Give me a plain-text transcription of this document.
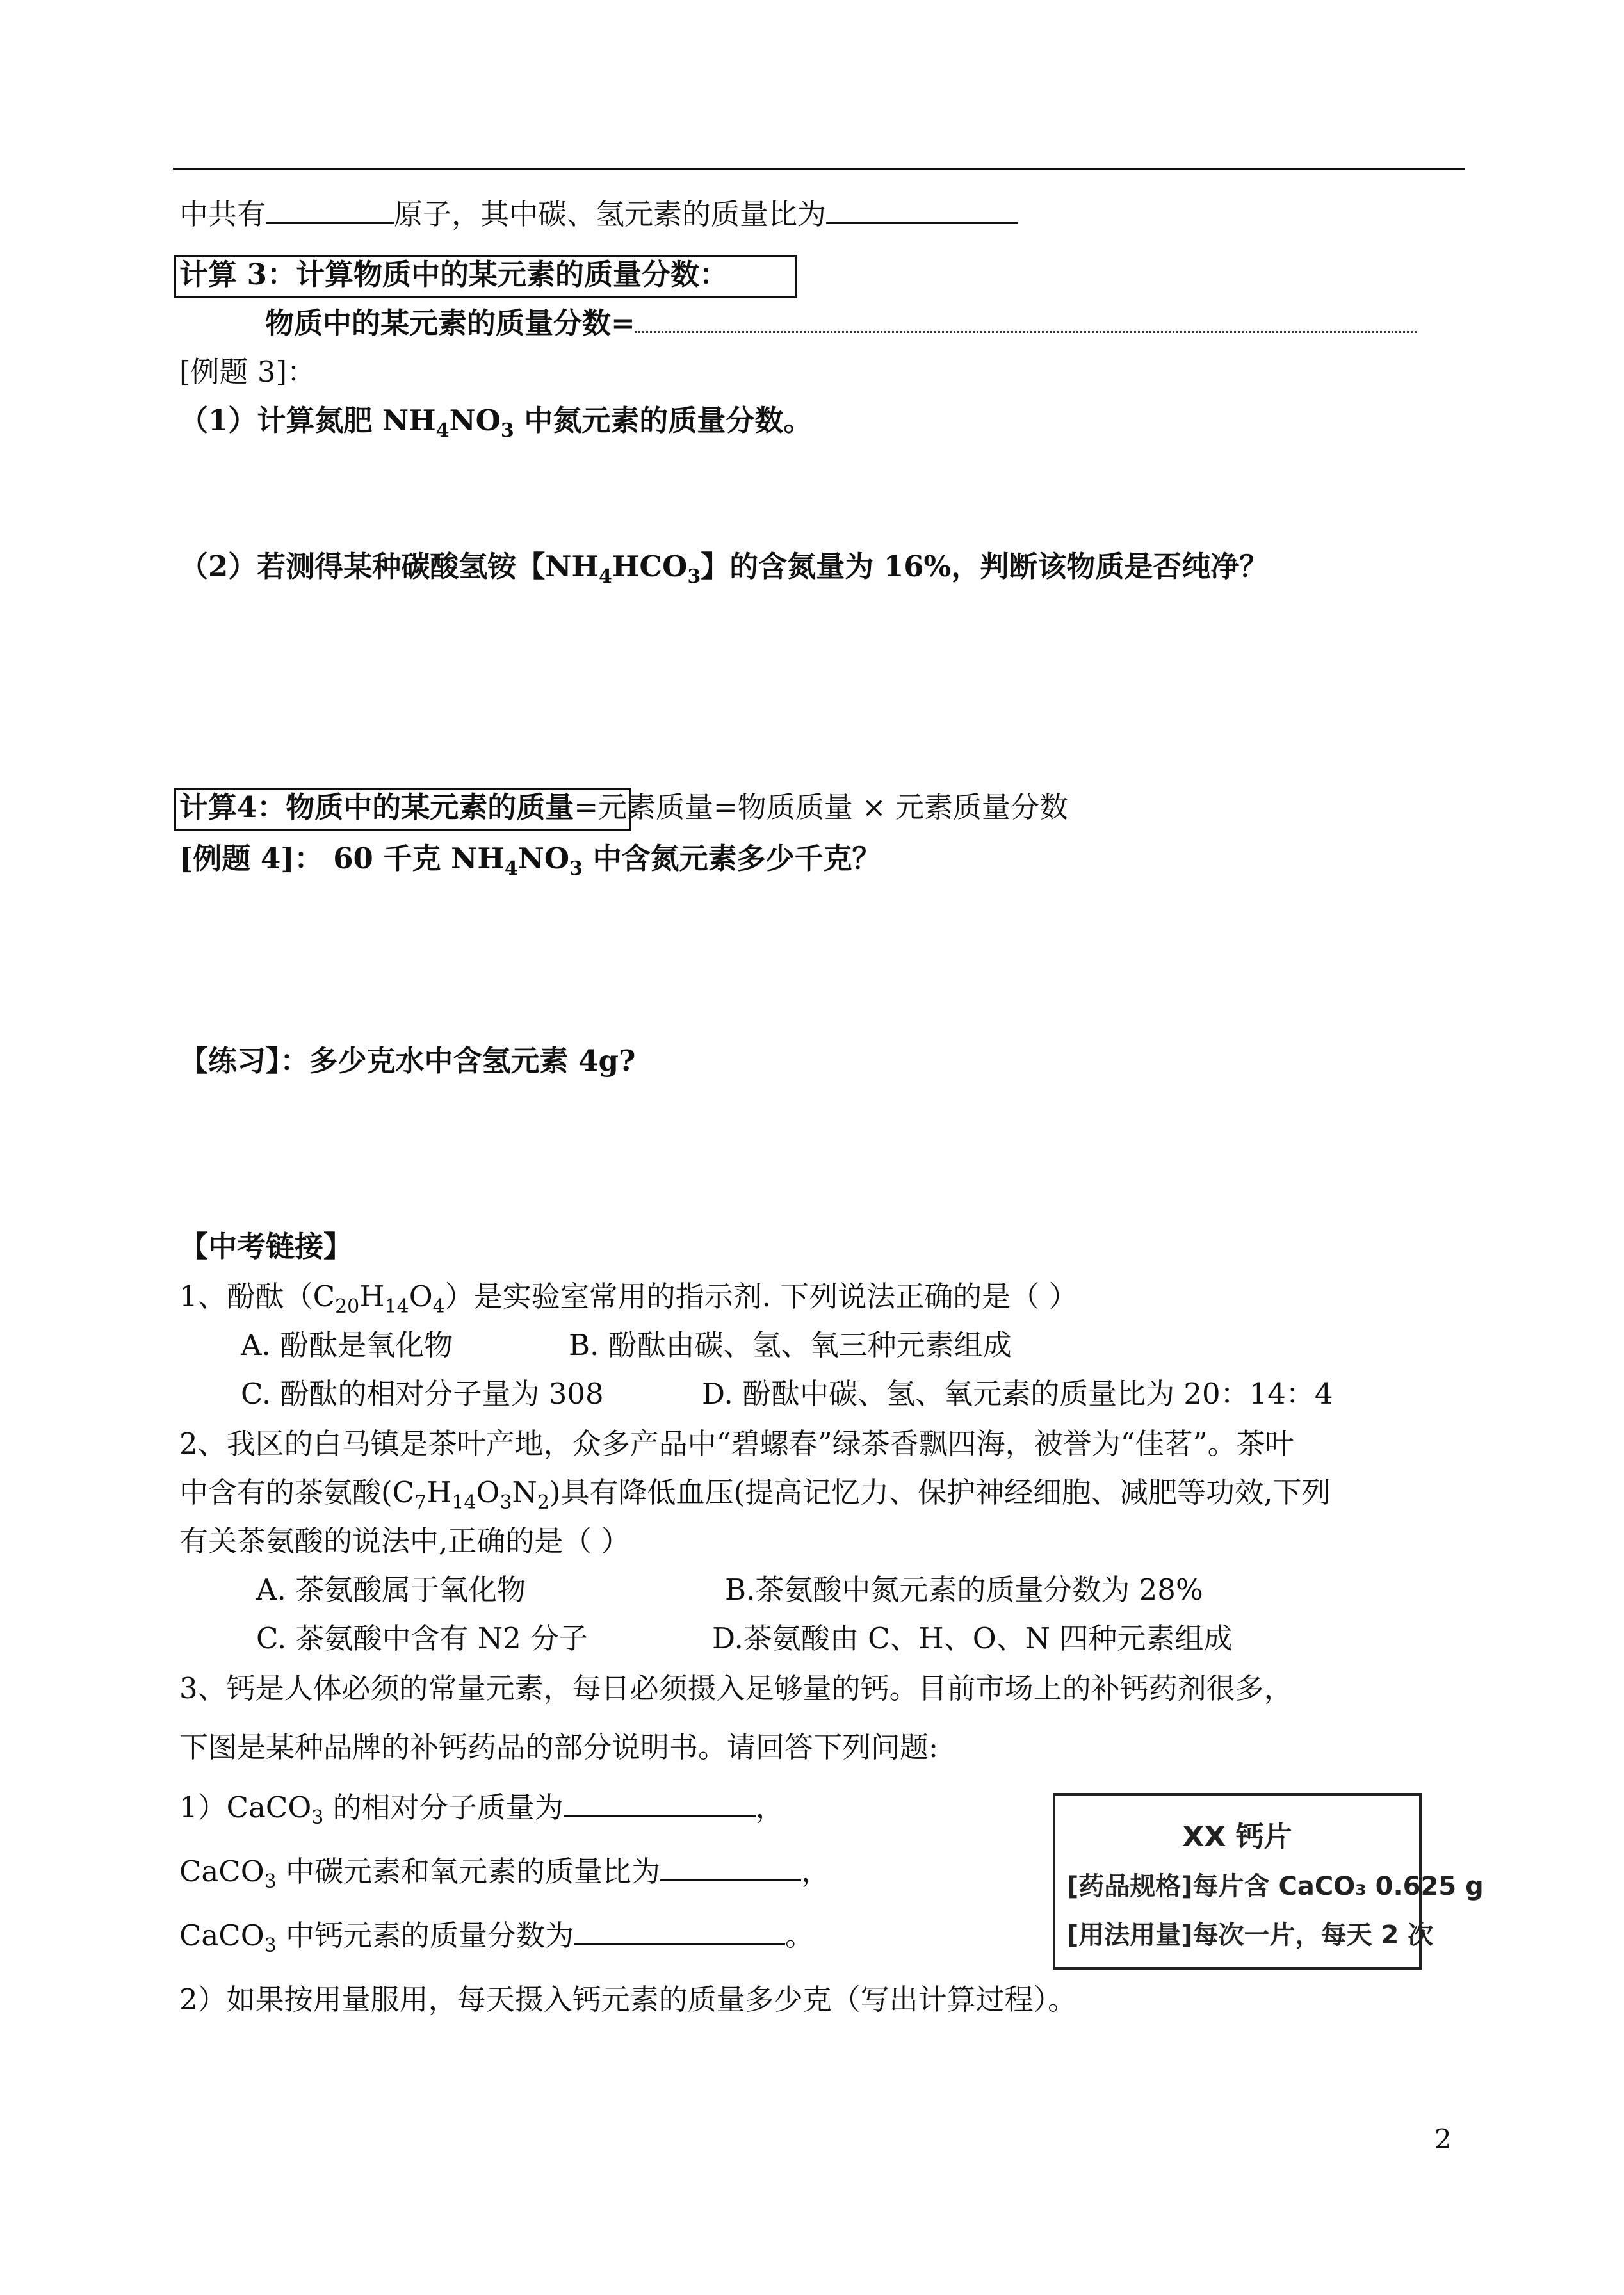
中共有	原子，其中碳、氢元素的质量比为
计算 3：计算物质中的某元素的质量分数：
物质中的某元素的质量分数=
[例题 3]：
（1）计算氮肥 $NH_4NO_3$ 中氮元素的质量分数。
（2）若测得某种碳酸氢铵【$NH_4HCO_3$】的含氮量为 16%，判断该物质是否纯净？
计算4：物质中的某元素的质量=元素质量=物质质量 × 元素质量分数
[例题 4]： 60 千克 $NH_4NO_3$ 中含氮元素多少千克？
【练习】：多少克水中含氢元素 4g?
【中考链接】
1、酚酞$(C_{20}H_{14}O_4)$是实验室常用的指示剂. 下列说法正确的是（ ）
A. 酚酞是氧化物	B. 酚酞由碳、氢、氧三种元素组成
C. 酚酞的相对分子量为 308	D. 酚酞中碳、氢、氧元素的质量比为 20：14：4
2、我区的白马镇是茶叶产地，众多产品中“碧螺春”绿茶香飘四海，被誉为“佳茗”。茶叶
中含有的茶氨酸$(C_7H_{14}O_3N_2)$具有降低血压(提高记忆力、保护神经细胞、减肥等功效,下列
有关茶氨酸的说法中,正确的是（ ）
A. 茶氨酸属于氧化物	B.茶氨酸中氮元素的质量分数为 28%
C. 茶氨酸中含有 N2 分子	D.茶氨酸由 C、H、O、N 四种元素组成
3、钙是人体必须的常量元素，每日必须摄入足够量的钙。目前市场上的补钙药剂很多，
下图是某种品牌的补钙药品的部分说明书。请回答下列问题:
1）CaCO$_3$ 的相对分子质量为	，
CaCO$_3$ 中碳元素和氧元素的质量比为	，
CaCO$_3$ 中钙元素的质量分数为	。
2）如果按用量服用，每天摄入钙元素的质量多少克（写出计算过程）。
XX 钙片
[药品规格]每片含 CaCO₃ 0.625 g
[用法用量]每次一片，每天 2 次
2
